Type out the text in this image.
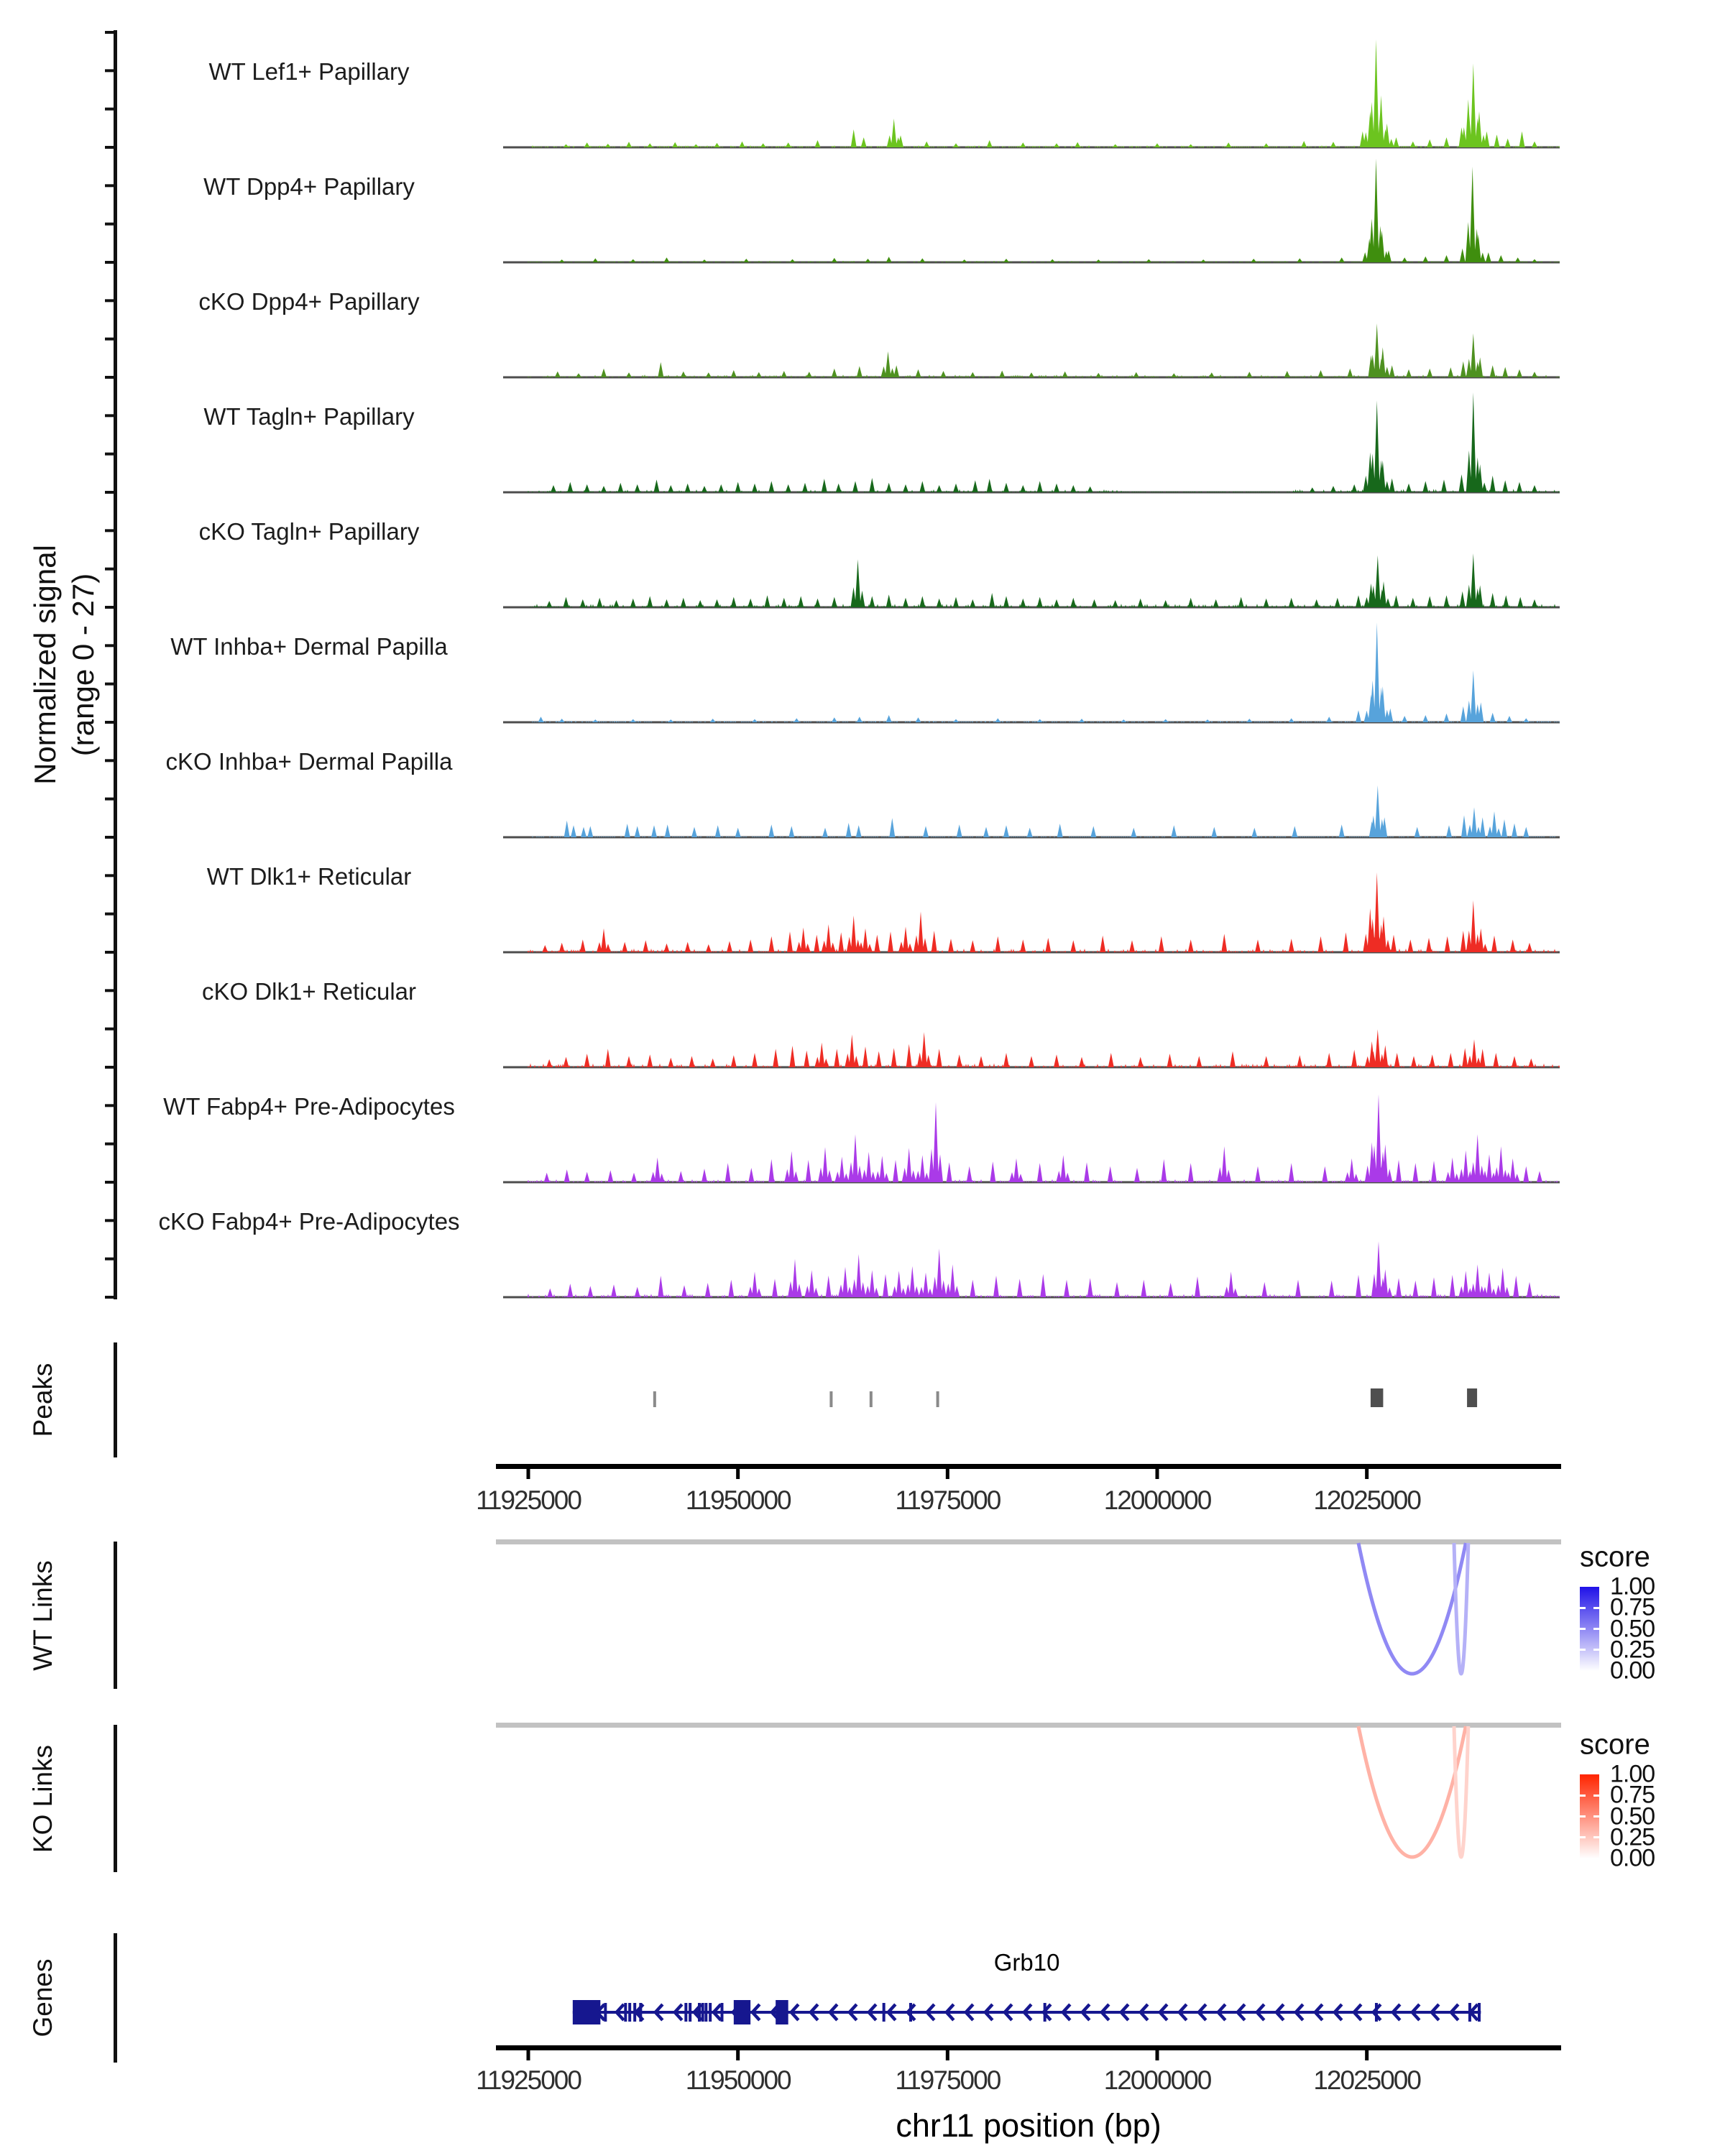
WT Lef1+ Papillary
WT Dpp4+ Papillary
cKO Dpp4+ Papillary
WT Tagln+ Papillary
cKO Tagln+ Papillary
WT Inhba+ Dermal Papilla
cKO Inhba+ Dermal Papilla
WT Dlk1+ Reticular
cKO Dlk1+ Reticular
WT Fabp4+ Pre-Adipocytes
cKO Fabp4+ Pre-Adipocytes
Normalized signal (range 0 - 27)
Peaks
11925000	11950000	11975000	12000000	12025000
11925000	11950000	11975000	12000000	12025000
chr11 position (bp)
WT Links
score
1.00
0.75
0.50
0.25
0.00
KO Links
score
1.00
0.75
0.50
0.25
0.00
Genes	Grb10
